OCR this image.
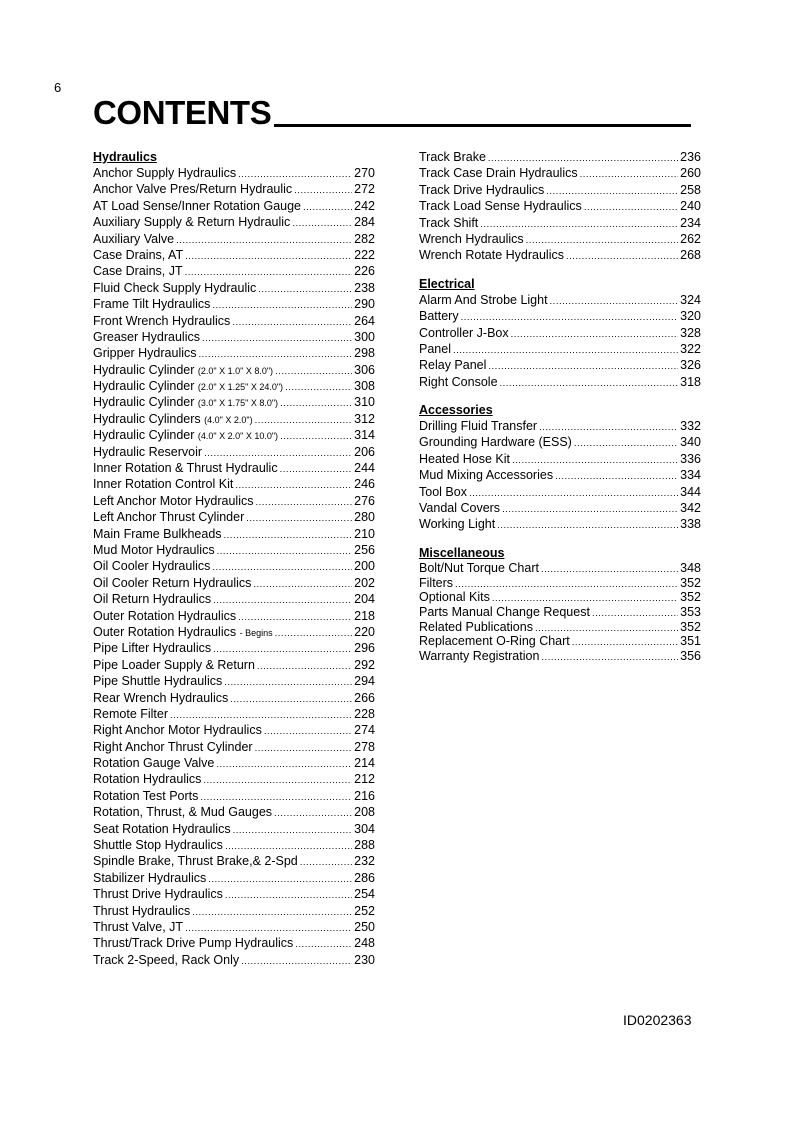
6
CONTENTS
Hydraulics
Anchor Supply Hydraulics .....	270
Anchor Valve Pres/Return Hydraulic .....	272
AT Load Sense/Inner Rotation Gauge .....	242
Auxiliary Supply & Return Hydraulic .....	284
Auxiliary Valve .....	282
Case Drains, AT .....	222
Case Drains, JT .....	226
Fluid Check Supply Hydraulic .....	238
Frame Tilt Hydraulics .....	290
Front Wrench Hydraulics .....	264
Greaser Hydraulics .....	300
Gripper Hydraulics .....	298
Hydraulic Cylinder (2.0" X 1.0" X 8.0") .....	306
Hydraulic Cylinder (2.0" X 1.25" X 24.0") .....	308
Hydraulic Cylinder (3.0" X 1.75" X 8.0") .....	310
Hydraulic Cylinders (4.0" X 2.0") .....	312
Hydraulic Cylinder (4.0" X 2.0" X 10.0") .....	314
Hydraulic Reservoir .....	206
Inner Rotation & Thrust Hydraulic .....	244
Inner Rotation Control Kit .....	246
Left Anchor Motor Hydraulics .....	276
Left Anchor Thrust Cylinder .....	280
Main Frame Bulkheads .....	210
Mud Motor Hydraulics .....	256
Oil Cooler Hydraulics .....	200
Oil Cooler Return Hydraulics .....	202
Oil Return Hydraulics .....	204
Outer Rotation Hydraulics .....	218
Outer Rotation Hydraulics - Begins .....	220
Pipe Lifter Hydraulics .....	296
Pipe Loader Supply & Return .....	292
Pipe Shuttle Hydraulics .....	294
Rear Wrench Hydraulics .....	266
Remote Filter .....	228
Right Anchor Motor Hydraulics .....	274
Right Anchor Thrust Cylinder .....	278
Rotation Gauge Valve .....	214
Rotation Hydraulics .....	212
Rotation Test Ports .....	216
Rotation, Thrust, & Mud Gauges .....	208
Seat Rotation Hydraulics .....	304
Shuttle Stop Hydraulics .....	288
Spindle Brake, Thrust Brake,& 2-Spd .....	232
Stabilizer Hydraulics .....	286
Thrust Drive Hydraulics .....	254
Thrust Hydraulics .....	252
Thrust Valve, JT .....	250
Thrust/Track Drive Pump Hydraulics .....	248
Track 2-Speed, Rack Only .....	230
Track Brake .....	236
Track Case Drain Hydraulics .....	260
Track Drive Hydraulics .....	258
Track Load Sense Hydraulics .....	240
Track Shift .....	234
Wrench Hydraulics .....	262
Wrench Rotate Hydraulics .....	268
Electrical
Alarm And Strobe Light .....	324
Battery .....	320
Controller J-Box .....	328
Panel .....	322
Relay Panel .....	326
Right Console .....	318
Accessories
Drilling Fluid Transfer .....	332
Grounding Hardware (ESS) .....	340
Heated Hose Kit .....	336
Mud Mixing Accessories .....	334
Tool Box .....	344
Vandal Covers .....	342
Working Light .....	338
Miscellaneous
Bolt/Nut Torque Chart .....	348
Filters .....	352
Optional Kits .....	352
Parts Manual Change Request .....	353
Related Publications .....	352
Replacement O-Ring Chart .....	351
Warranty Registration .....	356
ID0202363
